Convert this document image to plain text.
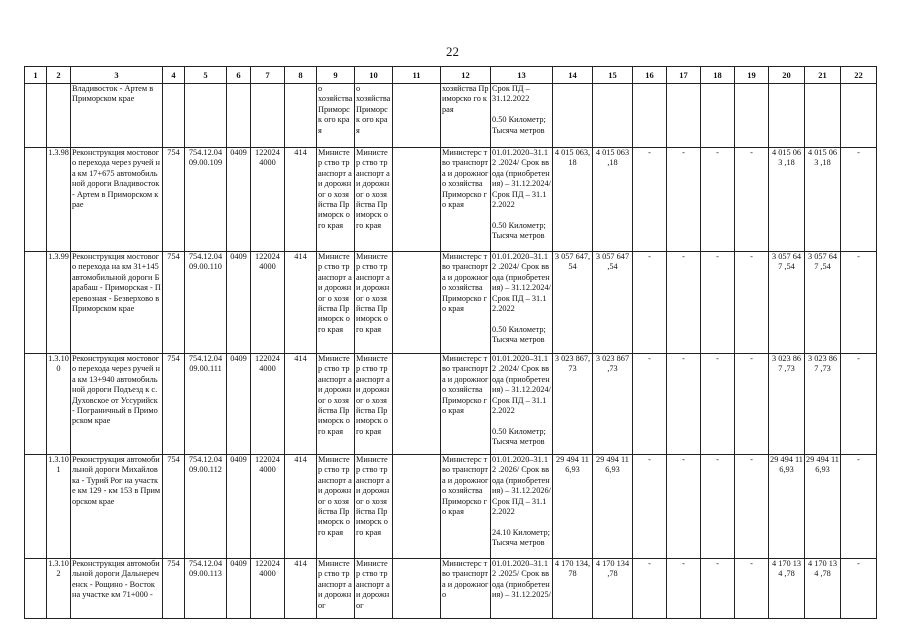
22
1	2	3	4	5	6	7	8	9	10	11	12	13	14	15	16	17	18	19	20	21	22
		Владивосток - Артем в Приморском крае						о
хозяйства Приморск ого края	о
хозяйства Приморск ого края		хозяйства Приморско го края	Срок ПД –
31.12.2022

0.50 Километр;
Тысяча метров									
	1.3.98	Реконструкция мостового перехода через ручей на км 17+675 автомобильной дороги Владивосток - Артем в Приморском крае	754	754.12.04 09.00.109	0409	122024 4000	414	Министер ство транспорт а и дорожног о хозяйства Приморск ого края	Министер ство транспорт а и дорожног о хозяйства Приморск ого края		Министерс тво транспорта и дорожного хозяйства Приморско го края	01.01.2020–31.12 .2024/ Срок ввода (приобретения) – 31.12.2024/ Срок ПД – 31.12.2022

0.50 Километр;
Тысяча метров	4 015 063, 18	4 015 063 ,18	-	-	-	-	4 015 063 ,18	4 015 063 ,18	-
	1.3.99	Реконструкция мостового перехода на км 31+145 автомобильной дороги Барабаш - Приморская - Перевозная - Безверхово в Приморском крае	754	754.12.04 09.00.110	0409	122024 4000	414	Министер ство транспорт а и дорожног о хозяйства Приморск ого края	Министер ство транспорт а и дорожног о хозяйства Приморск ого края		Министерс тво транспорта и дорожного хозяйства Приморско го края	01.01.2020–31.12 .2024/ Срок ввода (приобретения) – 31.12.2024/ Срок ПД – 31.12.2022

0.50 Километр;
Тысяча метров	3 057 647, 54	3 057 647 ,54	-	-	-	-	3 057 647 ,54	3 057 647 ,54	-
	1.3.10 0	Реконструкция мостового перехода через ручей на км 13+940 автомобильной дороги Подъезд к с. Духовское от Уссурийск - Пограничный в Приморском крае	754	754.12.04 09.00.111	0409	122024 4000	414	Министер ство транспорт а и дорожног о хозяйства Приморск ого края	Министер ство транспорт а и дорожног о хозяйства Приморск ого края		Министерс тво транспорта и дорожного хозяйства Приморско го края	01.01.2020–31.12 .2024/ Срок ввода (приобретения) – 31.12.2024/ Срок ПД – 31.12.2022

0.50 Километр;
Тысяча метров	3 023 867, 73	3 023 867 ,73	-	-	-	-	3 023 867 ,73	3 023 867 ,73	-
	1.3.10 1	Реконструкция автомобильной дороги Михайловка - Турий Рог на участке км 129 - км 153 в Приморском крае	754	754.12.04 09.00.112	0409	122024 4000	414	Министер ство транспорт а и дорожног о хозяйства Приморск ого края	Министер ство транспорт а и дорожног о хозяйства Приморск ого края		Министерс тво транспорта и дорожного хозяйства Приморско го края	01.01.2020–31.12 .2026/ Срок ввода (приобретения) – 31.12.2026/ Срок ПД – 31.12.2022

24.10 Километр;
Тысяча метров	29 494 11 6,93	29 494 11 6,93	-	-	-	-	29 494 11 6,93	29 494 11 6,93	-
	1.3.10 2	Реконструкция автомобильной дороги Дальнереченск - Рощино - Восток на участке км 71+000 -	754	754.12.04 09.00.113	0409	122024 4000	414	Министер ство транспорт а и дорожног	Министер ство транспорт а и дорожног		Министерс тво транспорта и дорожного	01.01.2020–31.12 .2025/ Срок ввода (приобретения) – 31.12.2025/	4 170 134, 78	4 170 134 ,78	-	-	-	-	4 170 134 ,78	4 170 134 ,78	-
